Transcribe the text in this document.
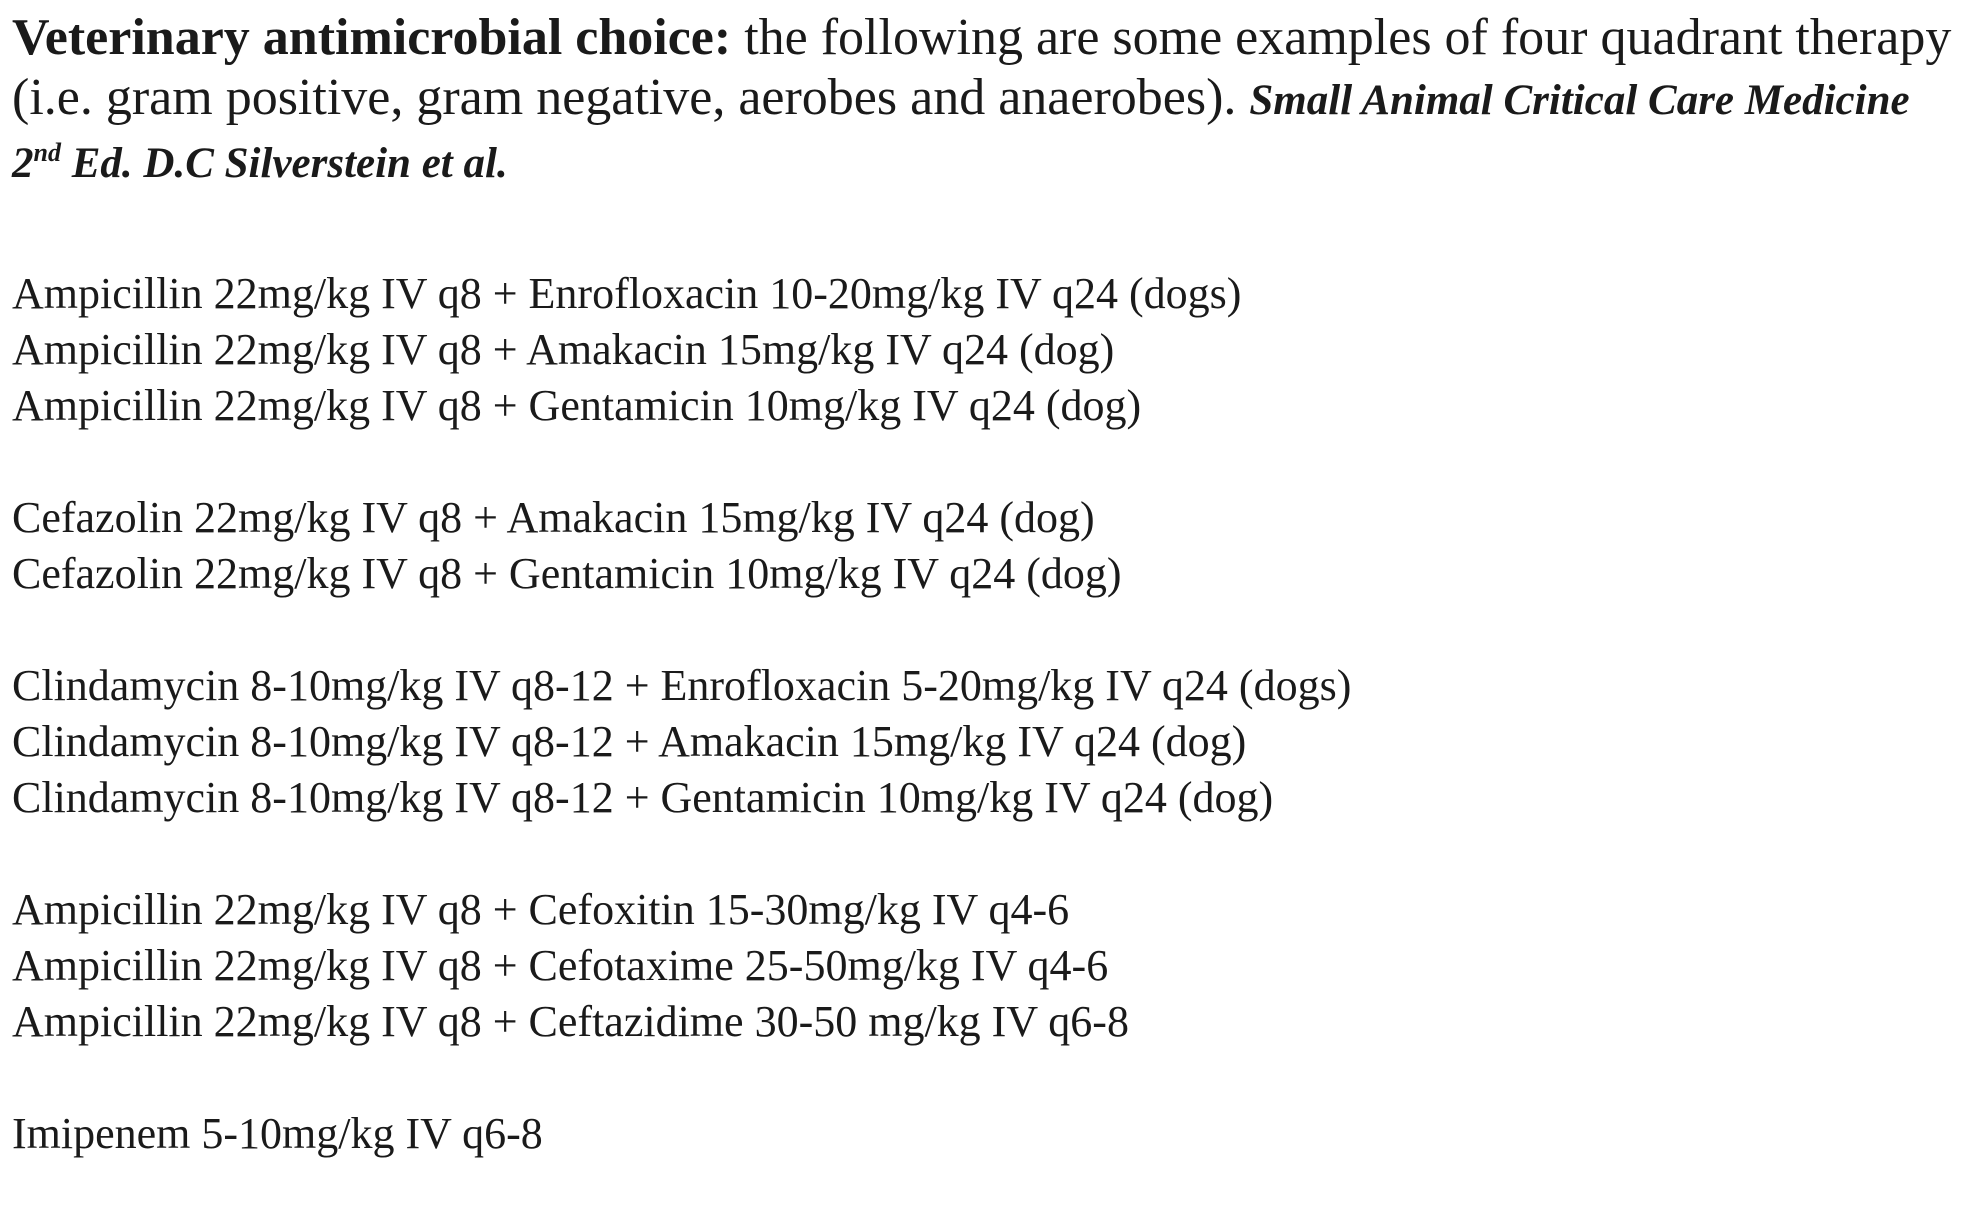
Veterinary antimicrobial choice: the following are some examples of four quadrant therapy (i.e. gram positive, gram negative, aerobes and anaerobes). Small Animal Critical Care Medicine 2nd Ed. D.C Silverstein et al.

Ampicillin 22mg/kg IV q8 + Enrofloxacin 10-20mg/kg IV q24 (dogs)
Ampicillin 22mg/kg IV q8 + Amakacin 15mg/kg IV q24 (dog)
Ampicillin 22mg/kg IV q8 + Gentamicin 10mg/kg IV q24 (dog)
Cefazolin 22mg/kg IV q8 + Amakacin 15mg/kg IV q24 (dog)
Cefazolin 22mg/kg IV q8 + Gentamicin 10mg/kg IV q24 (dog)
Clindamycin 8-10mg/kg IV q8-12 + Enrofloxacin 5-20mg/kg IV q24 (dogs)
Clindamycin 8-10mg/kg IV q8-12 + Amakacin 15mg/kg IV q24 (dog)
Clindamycin 8-10mg/kg IV q8-12 + Gentamicin 10mg/kg IV q24 (dog)
Ampicillin 22mg/kg IV q8 + Cefoxitin 15-30mg/kg IV q4-6
Ampicillin 22mg/kg IV q8 + Cefotaxime 25-50mg/kg IV q4-6
Ampicillin 22mg/kg IV q8 + Ceftazidime 30-50 mg/kg IV q6-8
Imipenem 5-10mg/kg IV q6-8
